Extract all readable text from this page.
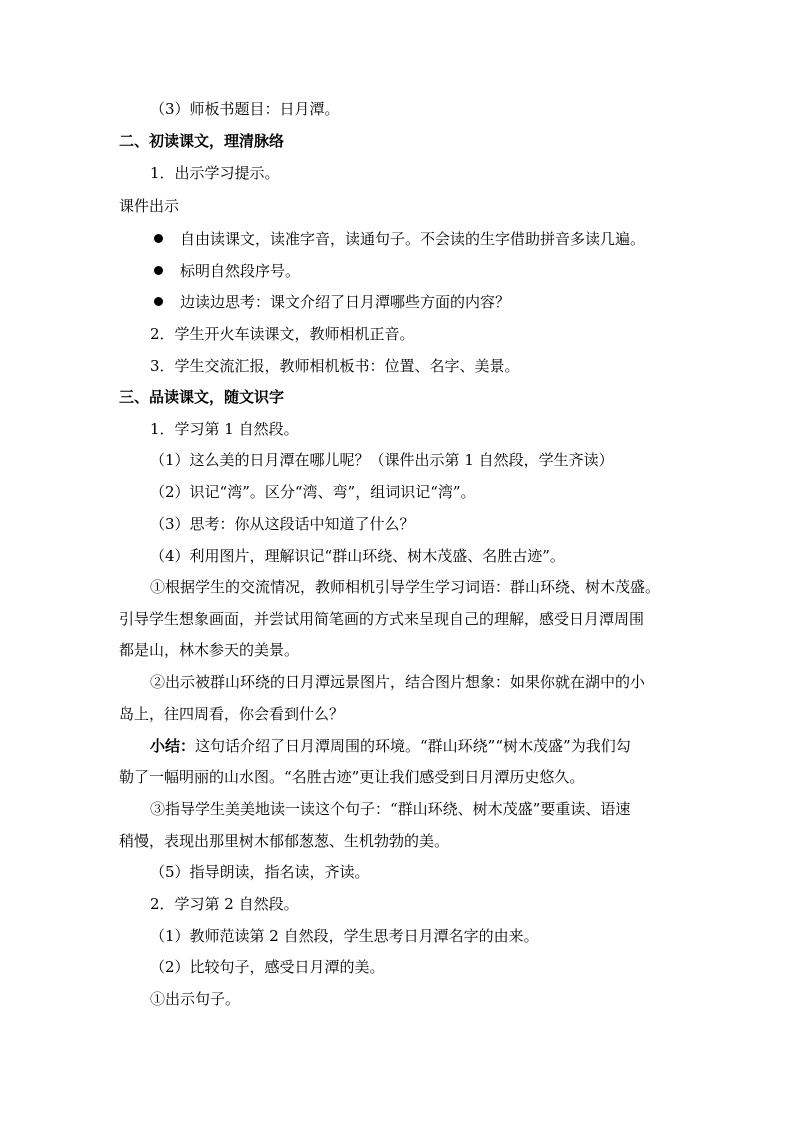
（3）师板书题目：日月潭。
二、初读课文，理清脉络
1．出示学习提示。
课件出示
自由读课文，读准字音，读通句子。不会读的生字借助拼音多读几遍。
标明自然段序号。
边读边思考：课文介绍了日月潭哪些方面的内容？
2．学生开火车读课文，教师相机正音。
3．学生交流汇报，教师相机板书：位置、名字、美景。
三、品读课文，随文识字
1．学习第 1 自然段。
（1）这么美的日月潭在哪儿呢？（课件出示第 1 自然段，学生齐读）
（2）识记“湾”。区分“湾、弯”，组词识记“湾”。
（3）思考：你从这段话中知道了什么？
（4）利用图片，理解识记“群山环绕、树木茂盛、名胜古迹”。
①根据学生的交流情况，教师相机引导学生学习词语：群山环绕、树木茂盛。
引导学生想象画面，并尝试用简笔画的方式来呈现自己的理解，感受日月潭周围
都是山，林木参天的美景。
②出示被群山环绕的日月潭远景图片，结合图片想象：如果你就在湖中的小
岛上，往四周看，你会看到什么？
小结：这句话介绍了日月潭周围的环境。“群山环绕”“树木茂盛”为我们勾
勒了一幅明丽的山水图。“名胜古迹”更让我们感受到日月潭历史悠久。
③指导学生美美地读一读这个句子：“群山环绕、树木茂盛”要重读、语速
稍慢，表现出那里树木郁郁葱葱、生机勃勃的美。
（5）指导朗读，指名读，齐读。
2．学习第 2 自然段。
（1）教师范读第 2 自然段，学生思考日月潭名字的由来。
（2）比较句子，感受日月潭的美。
①出示句子。
